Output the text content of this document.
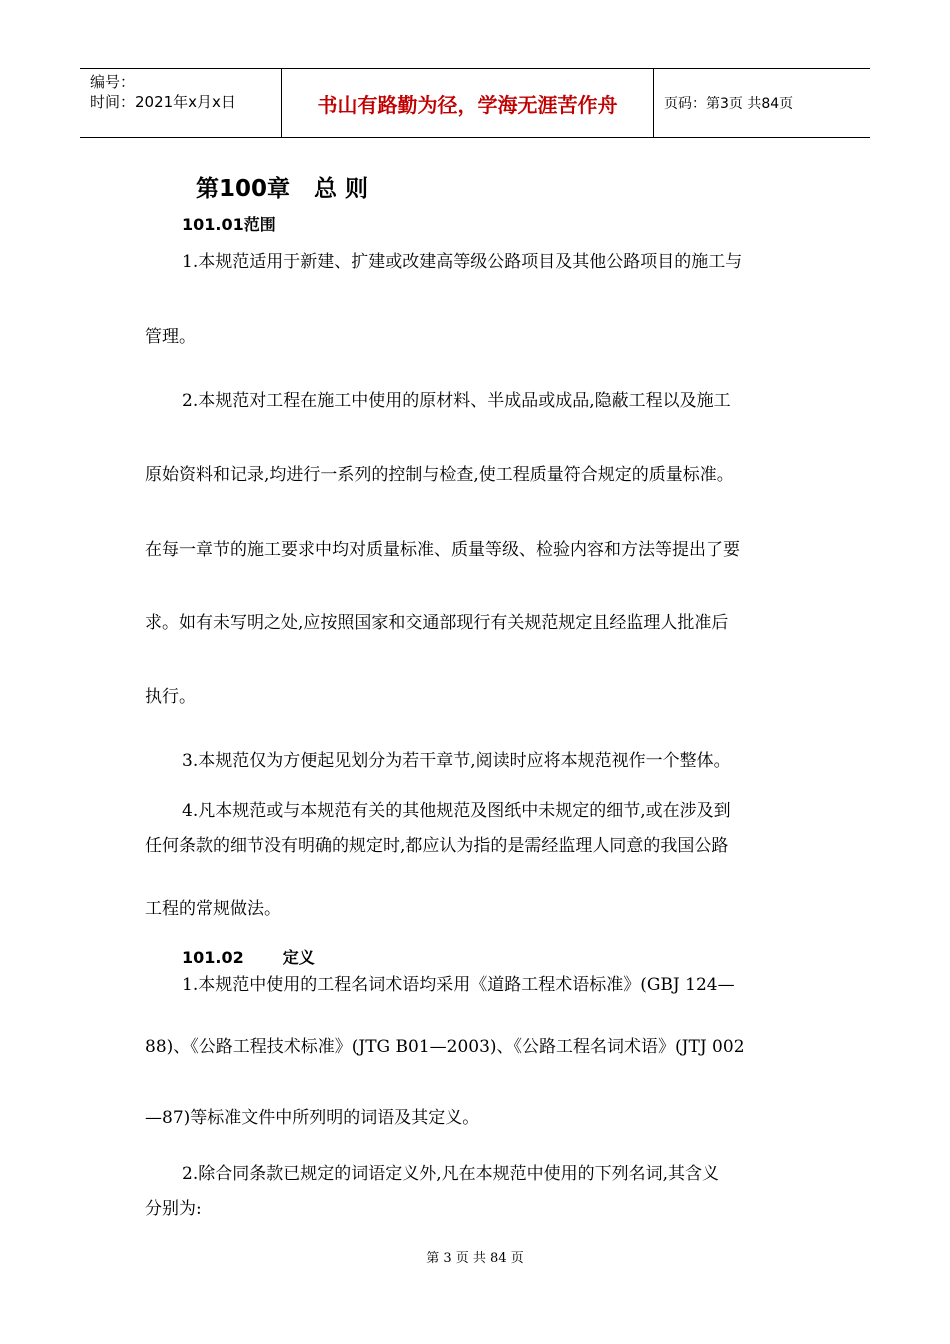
编号：
时间：2021年x月x日	书山有路勤为径，学海无涯苦作舟	页码：第3页 共84页
第100章   总 则
101.01范围
1.本规范适用于新建、扩建或改建高等级公路项目及其他公路项目的施工与
管理。
2.本规范对工程在施工中使用的原材料、半成品或成品,隐蔽工程以及施工
原始资料和记录,均进行一系列的控制与检查,使工程质量符合规定的质量标准。
在每一章节的施工要求中均对质量标准、质量等级、检验内容和方法等提出了要
求。如有未写明之处,应按照国家和交通部现行有关规范规定且经监理人批准后
执行。
3.本规范仅为方便起见划分为若干章节,阅读时应将本规范视作一个整体。
4.凡本规范或与本规范有关的其他规范及图纸中未规定的细节,或在涉及到
任何条款的细节没有明确的规定时,都应认为指的是需经监理人同意的我国公路
工程的常规做法。
101.02       定义
1.本规范中使用的工程名词术语均采用《道路工程术语标准》(GBJ 124—
88)、《公路工程技术标准》(JTG B01—2003)、《公路工程名词术语》(JTJ 002
—87)等标准文件中所列明的词语及其定义。
2.除合同条款已规定的词语定义外,凡在本规范中使用的下列名词,其含义
分别为:
第 3 页 共 84 页
